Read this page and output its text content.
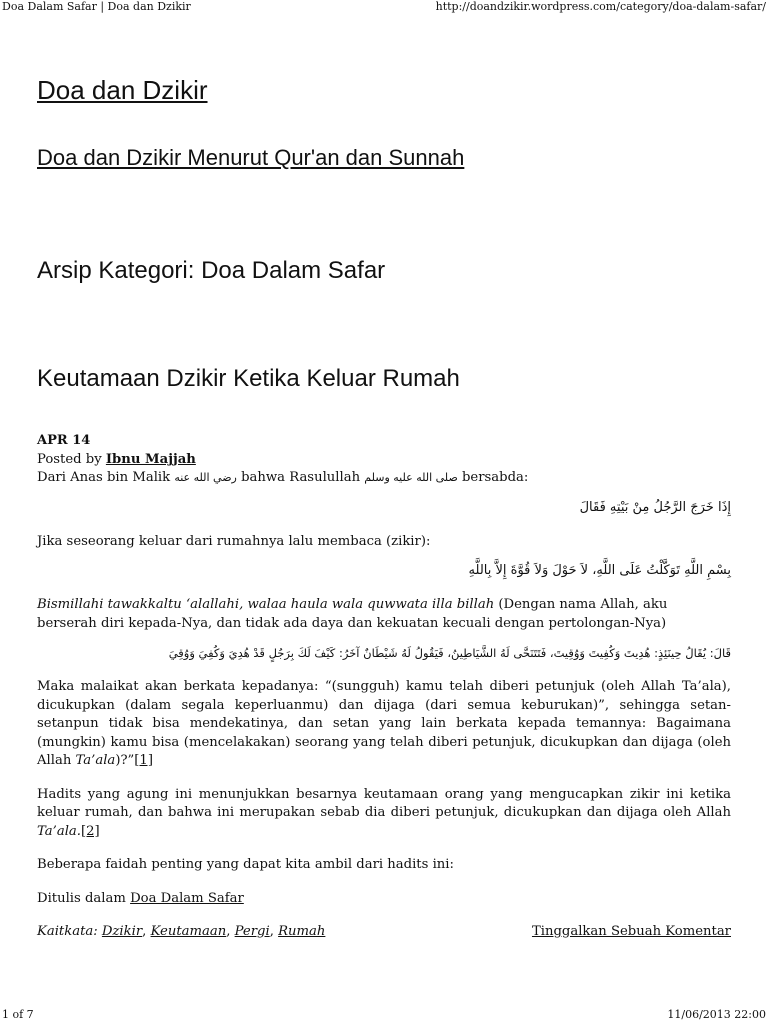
Doa Dalam Safar | Doa dan Dzikir	http://doandzikir.wordpress.com/category/doa-dalam-safar/
Doa dan Dzikir
Doa dan Dzikir Menurut Qur'an dan Sunnah
Arsip Kategori: Doa Dalam Safar
Keutamaan Dzikir Ketika Keluar Rumah

APR 14

Posted by Ibnu Majjah

Dari Anas bin Malik رضي الله عنه bahwa Rasulullah صلى الله عليه وسلم bersabda:

إِذَا خَرَجَ الرَّجُلُ مِنْ بَيْتِهِ فَقَالَ

Jika seseorang keluar dari rumahnya lalu membaca (zikir):

بِسْمِ اللَّهِ تَوَكَّلْتُ عَلَى اللَّهِ، لاَ حَوْلَ وَلاَ قُوَّةَ إِلاَّ بِاللَّهِ

Bismillahi tawakkaltu ‘alallahi, walaa haula wala quwwata illa billah (Dengan nama Allah, aku berserah diri kepada-Nya, dan tidak ada daya dan kekuatan kecuali dengan pertolongan-Nya)

قَالَ: يُقَالُ حِينَئِذٍ: هُدِيتَ وَكُفِيتَ وَوُقِيتَ، فَتَتَنَحَّى لَهُ الشَّيَاطِينُ، فَيَقُولُ لَهُ شَيْطَانٌ آخَرُ: كَيْفَ لَكَ بِرَجُلٍ قَدْ هُدِيَ وَكُفِيَ وَوُقِيَ

Maka malaikat akan berkata kepadanya: “(sungguh) kamu telah diberi petunjuk (oleh Allah Ta’ala), dicukupkan (dalam segala keperluanmu) dan dijaga (dari semua keburukan)”, sehingga setan-setanpun tidak bisa mendekatinya, dan setan yang lain berkata kepada temannya: Bagaimana (mungkin) kamu bisa (mencelakakan) seorang yang telah diberi petunjuk, dicukupkan dan dijaga (oleh Allah Ta’ala)?”[1]

Hadits yang agung ini menunjukkan besarnya keutamaan orang yang mengucapkan zikir ini ketika keluar rumah, dan bahwa ini merupakan sebab dia diberi petunjuk, dicukupkan dan dijaga oleh Allah Ta’ala.[2]

Beberapa faidah penting yang dapat kita ambil dari hadits ini:

Ditulis dalam Doa Dalam Safar

Kaitkata: Dzikir, Keutamaan, Pergi, Rumah	Tinggalkan Sebuah Komentar
1 of 7	11/06/2013 22:00
